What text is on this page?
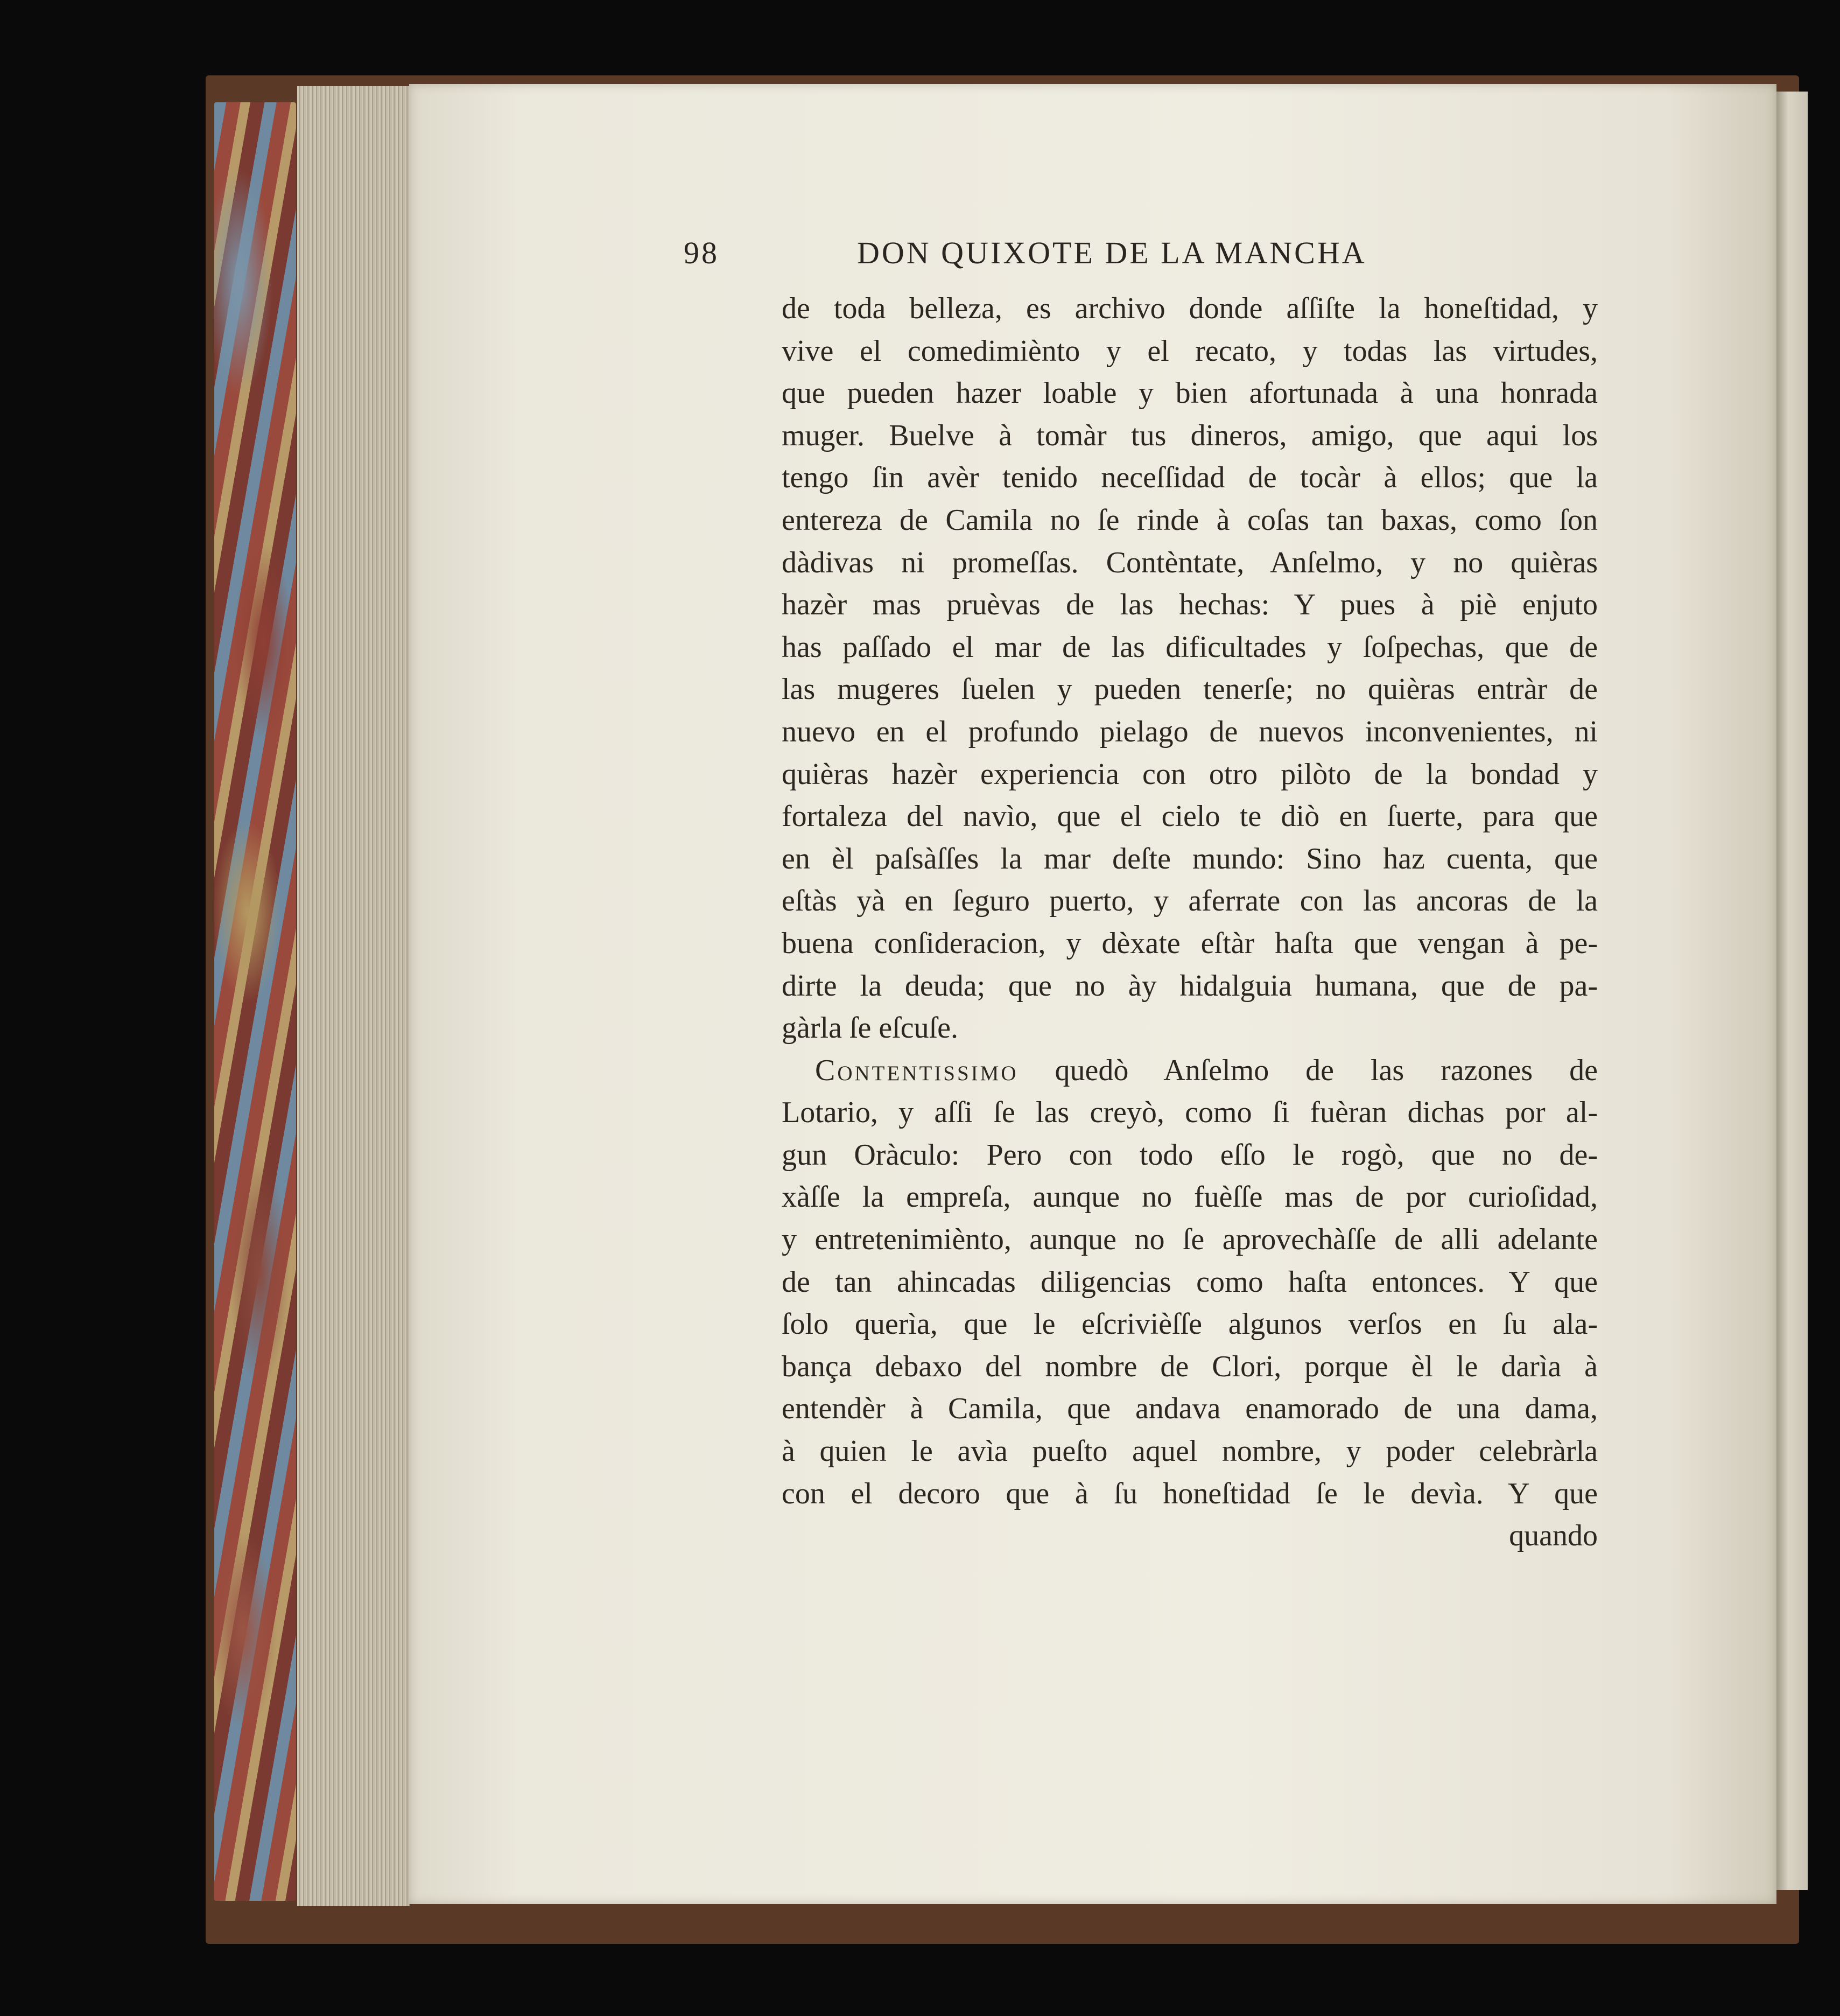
98	DON QUIXOTE DE LA MANCHA
de toda belleza, es archivo donde aſſiſte la honeſtidad, y
vive el comedimiènto y el recato, y todas las virtudes,
que pueden hazer loable y bien afortunada à una honrada
muger. Buelve à tomàr tus dineros, amigo, que aqui los
tengo ſin avèr tenido neceſſidad de tocàr à ellos; que la
entereza de Camila no ſe rinde à coſas tan baxas, como ſon
dàdivas ni promeſſas. Contèntate, Anſelmo, y no quièras
hazèr mas pruèvas de las hechas: Y pues à piè enjuto
has paſſado el mar de las dificultades y ſoſpechas, que de
las mugeres ſuelen y pueden tenerſe; no quièras entràr de
nuevo en el profundo pielago de nuevos inconvenientes, ni
quièras hazèr experiencia con otro pilòto de la bondad y
fortaleza del navìo, que el cielo te diò en ſuerte, para que
en èl paſsàſſes la mar deſte mundo: Sino haz cuenta, que
eſtàs yà en ſeguro puerto, y aferrate con las ancoras de la
buena conſideracion, y dèxate eſtàr haſta que vengan à pe-
dirte la deuda; que no ày hidalguia humana, que de pa-
gàrla ſe eſcuſe.
Contentissimo quedò Anſelmo de las razones de
Lotario, y aſſi ſe las creyò, como ſi fuèran dichas por al-
gun Oràculo: Pero con todo eſſo le rogò, que no de-
xàſſe la empreſa, aunque no fuèſſe mas de por curioſidad,
y entretenimiènto, aunque no ſe aprovechàſſe de alli adelante
de tan ahincadas diligencias como haſta entonces. Y que
ſolo querìa, que le eſcrivièſſe algunos verſos en ſu ala-
bança debaxo del nombre de Clori, porque èl le darìa à
entendèr à Camila, que andava enamorado de una dama,
à quien le avìa pueſto aquel nombre, y poder celebràrla
con el decoro que à ſu honeſtidad ſe le devìa. Y que
quando
